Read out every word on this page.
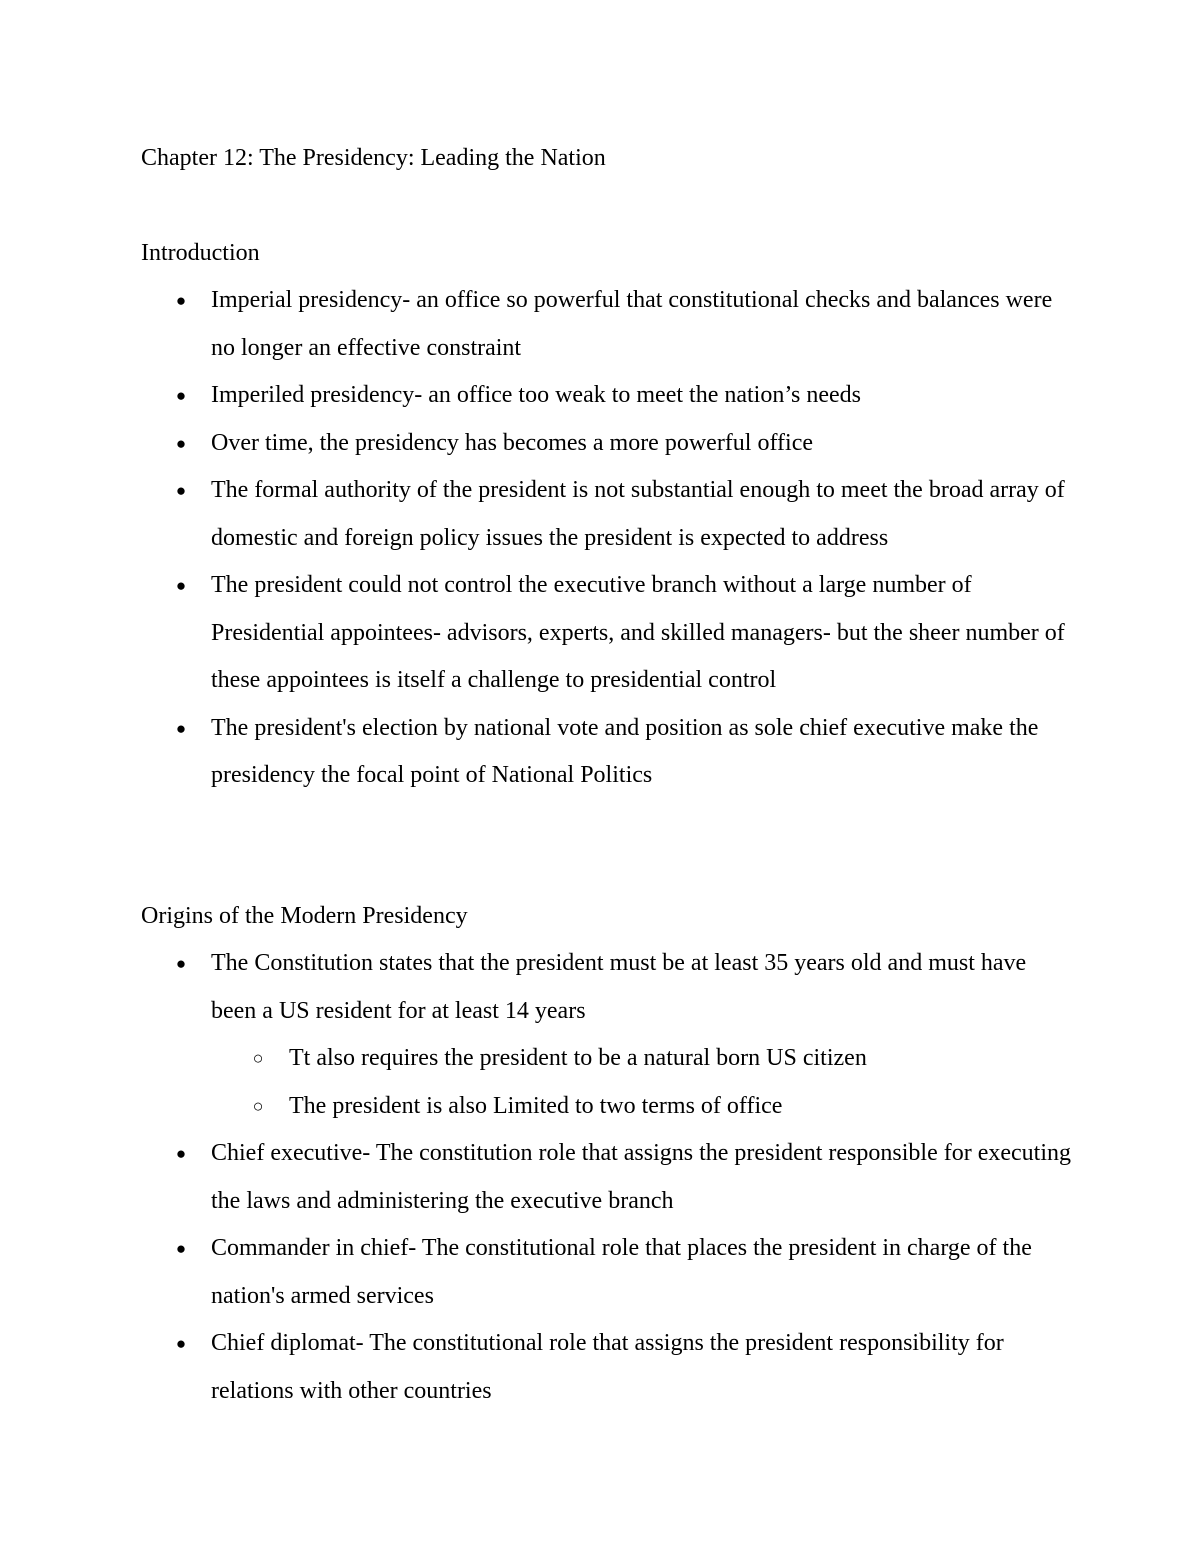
Chapter 12: The Presidency: Leading the Nation
Introduction
● Imperial presidency- an office so powerful that constitutional checks and balances were no longer an effective constraint
● Imperiled presidency- an office too weak to meet the nation’s needs
● Over time, the presidency has becomes a more powerful office
● The formal authority of the president is not substantial enough to meet the broad array of domestic and foreign policy issues the president is expected to address
● The president could not control the executive branch without a large number of Presidential appointees- advisors, experts, and skilled managers- but the sheer number of these appointees is itself a challenge to presidential control
● The president's election by national vote and position as sole chief executive make the presidency the focal point of National Politics
Origins of the Modern Presidency
● The Constitution states that the president must be at least 35 years old and must have been a US resident for at least 14 years
○ Tt also requires the president to be a natural born US citizen
○ The president is also Limited to two terms of office
● Chief executive- The constitution role that assigns the president responsible for executing the laws and administering the executive branch
● Commander in chief- The constitutional role that places the president in charge of the nation's armed services
● Chief diplomat- The constitutional role that assigns the president responsibility for relations with other countries
